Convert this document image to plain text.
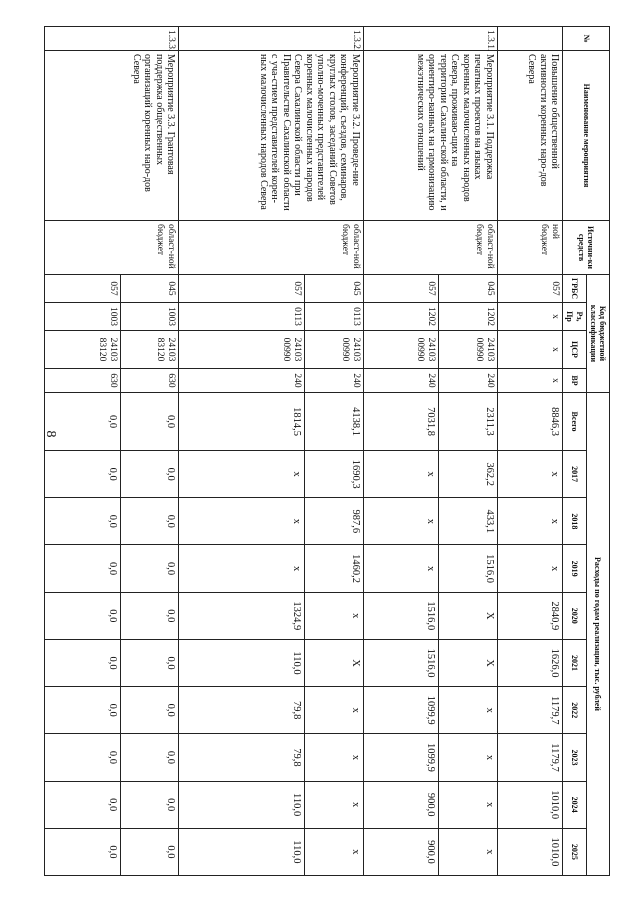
8
№	Наименование мероприятия	Источни-ки средств	Код бюджетной классификации				Расходы по годам реализации, тыс. рублей									
			ГРБС	Рз, Пр	ЦСР	ВР	Всего	2017	2018	2019	2020	2021	2022	2023	2024	2025
	Повышение общественной активности коренных наро-дов Севера	ной бюджет	057	x	x	x	8846,3	x	x	x	2840,9	1626,0	1179,7	1179,7	1010,0	1010,0
1.3.1.	Мероприятие 3.1. Поддержка печатных проектов на языках коренных малочисленных народов Севера, проживаю-щих на территории Сахалин-ской области, и ориентиро-ванных на гармонизацию межэтнических отношений	област-ной бюджет	045	1202	24103 00990	240	2311,3	362,2	433,1	1516,0	X	X	x	x	x	x
			057	1202	24103 00990	240	7031,8	x	x	x	1516,0	1516,0	1099,9	1099,9	900,0	900,0
1.3.2.	Мероприятие 3.2. Проведе-ние конференций, съездов, семинаров, круглых столов, заседаний Советов уполно-моченных представителей коренных малочисленных народов Севера Сахалинской области при Правительстве Сахалинской области с уча-стием представителей корен-ных малочисленных народов Севера	област-ной бюджет	045	0113	24103 00990	240	4138,1	1690,3	987,6	1460,2	x	X	x	x	x	x
			057	0113	24103 00990	240	1814,5	x	x	x	1324,9	110,0	79,8	79,8	110,0	110,0
1.3.3.	Мероприятие 3.3. Грантовая поддержка общественных организаций коренных наро-дов Севера	област-ной бюджет	045	1003	24103 83120	630	0,0	0,0	0,0	0,0	0,0	0,0	0,0	0,0	0,0	0,0
			057	1003	24103 83120	630	0,0	0,0	0,0	0,0	0,0	0,0	0,0	0,0	0,0	0,0
